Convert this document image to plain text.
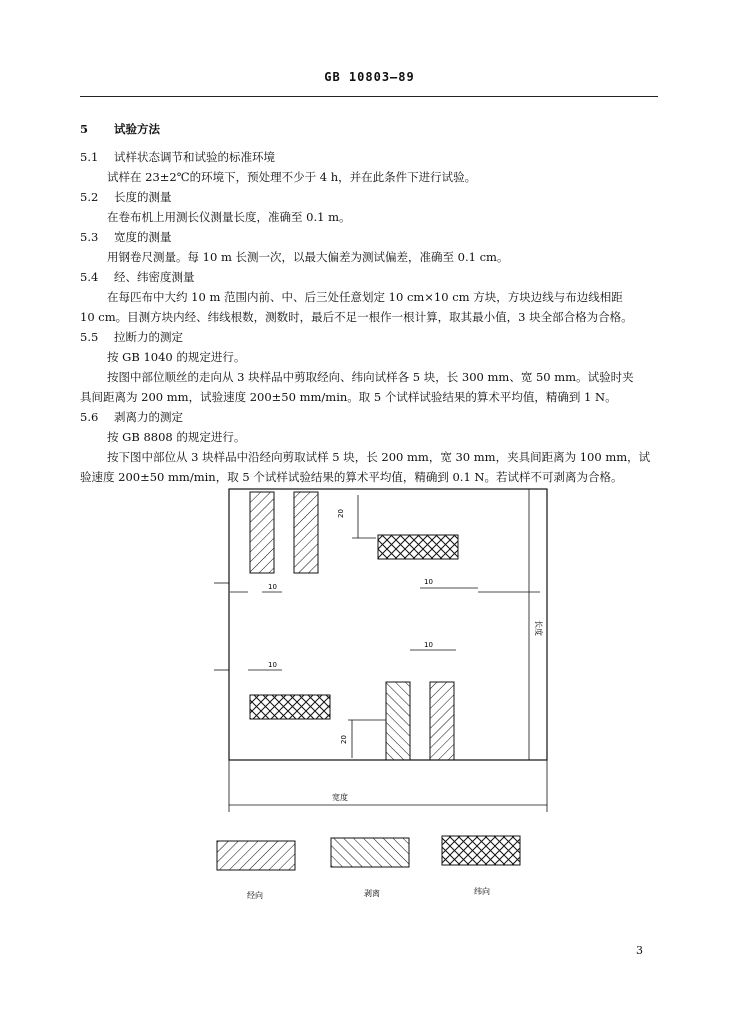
GB 10803—89
5 试验方法
5.1 试样状态调节和试验的标准环境
试样在 23±2℃的环境下，预处理不少于 4 h，并在此条件下进行试验。
5.2 长度的测量
在卷布机上用测长仪测量长度，准确至 0.1 m。
5.3 宽度的测量
用钢卷尺测量。每 10 m 长测一次，以最大偏差为测试偏差，准确至 0.1 cm。
5.4 经、纬密度测量
在每匹布中大约 10 m 范围内前、中、后三处任意划定 10 cm×10 cm 方块，方块边线与布边线相距
10 cm。目测方块内经、纬线根数，测数时，最后不足一根作一根计算，取其最小值，3 块全部合格为合格。
5.5 拉断力的测定
按 GB 1040 的规定进行。
按图中部位顺丝的走向从 3 块样品中剪取经向、纬向试样各 5 块，长 300 mm、宽 50 mm。试验时夹
具间距离为 200 mm，试验速度 200±50 mm/min。取 5 个试样试验结果的算术平均值，精确到 1 N。
5.6 剥离力的测定
按 GB 8808 的规定进行。
按下图中部位从 3 块样品中沿经向剪取试样 5 块，长 200 mm，宽 30 mm，夹具间距离为 100 mm，试
验速度 200±50 mm/min，取 5 个试样试验结果的算术平均值，精确到 0.1 N。若试样不可剥离为合格。
20
10
10
10
10
20
长度
宽度
经向	剥离	纬向
3
